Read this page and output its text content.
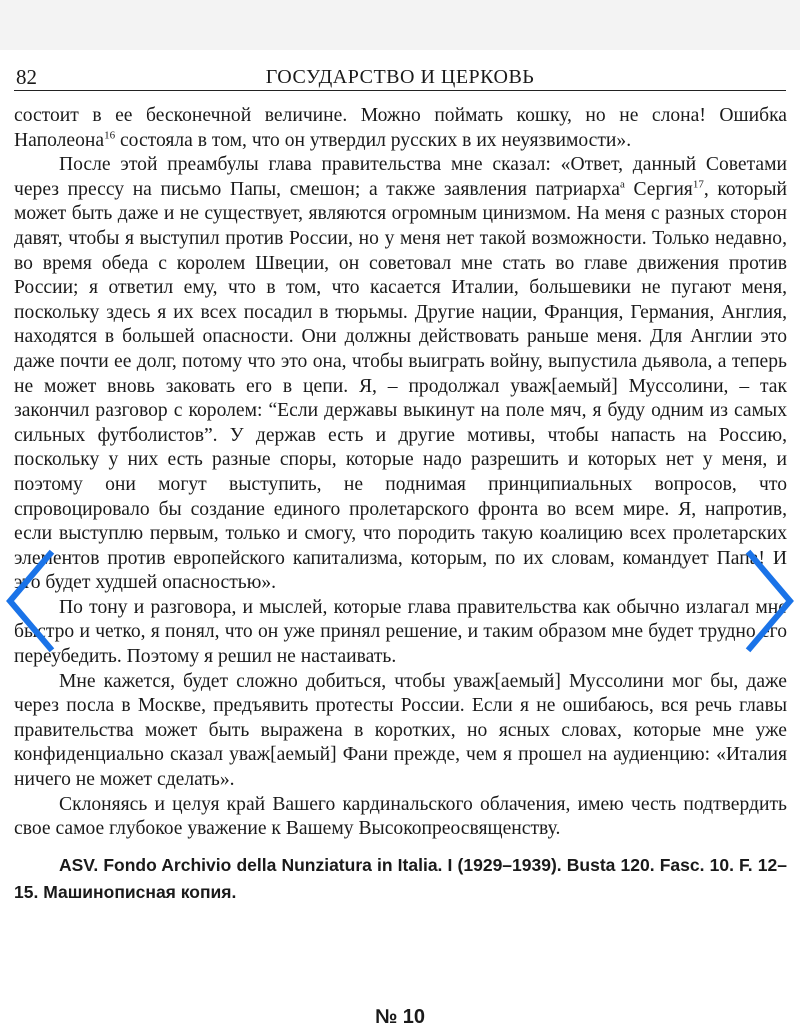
82	ГОСУДАРСТВО И ЦЕРКОВЬ

состоит в ее бесконечной величине. Можно поймать кошку, но не слона! Ошибка Наполеона$^{16}$ состояла в том, что он утвердил русских в их неуязвимости».

После этой преамбулы глава правительства мне сказал: «Ответ, данный Советами через прессу на письмо Папы, смешон; а также заявления патриарха$^a$ Сергия$^{17}$, который может быть даже и не существует, являются огромным цинизмом. На меня с разных сторон давят, чтобы я выступил против России, но у меня нет такой возможности. Только недавно, во время обеда с королем Швеции, он советовал мне стать во главе движения против России; я ответил ему, что в том, что касается Италии, большевики не пугают меня, поскольку здесь я их всех посадил в тюрьмы. Другие нации, Франция, Германия, Англия, находятся в большей опасности. Они должны действовать раньше меня. Для Англии это даже почти ее долг, потому что это она, чтобы выиграть войну, выпустила дьявола, а теперь не может вновь заковать его в цепи. Я, – продолжал уваж[аемый] Муссолини, – так закончил разговор с королем: “Если державы выкинут на поле мяч, я буду одним из самых сильных футболистов”. У держав есть и другие мотивы, чтобы напасть на Россию, поскольку у них есть разные споры, которые надо разрешить и которых нет у меня, и поэтому они могут выступить, не поднимая принципиальных вопросов, что спровоцировало бы создание единого пролетарского фронта во всем мире. Я, напротив, если выступлю первым, только и смогу, что породить такую коалицию всех пролетарских элементов против европейского капитализма, которым, по их словам, командует Папа! И это будет худшей опасностью».

По тону и разговора, и мыслей, которые глава правительства как обычно излагал мне быстро и четко, я понял, что он уже принял решение, и таким образом мне будет трудно его переубедить. Поэтому я решил не настаивать.

Мне кажется, будет сложно добиться, чтобы уваж[аемый] Муссолини мог бы, даже через посла в Москве, предъявить протесты России. Если я не ошибаюсь, вся речь главы правительства может быть выражена в коротких, но ясных словах, которые мне уже конфиденциально сказал уваж[аемый] Фани прежде, чем я прошел на аудиенцию: «Италия ничего не может сделать».

Склоняясь и целуя край Вашего кардинальского облачения, имею честь подтвердить свое самое глубокое уважение к Вашему Высокопреосвященству.

ASV. Fondo Archivio della Nunziatura in Italia. I (1929–1939). Busta 120. Fasc. 10. F. 12–15. Машинописная копия.

№ 10
